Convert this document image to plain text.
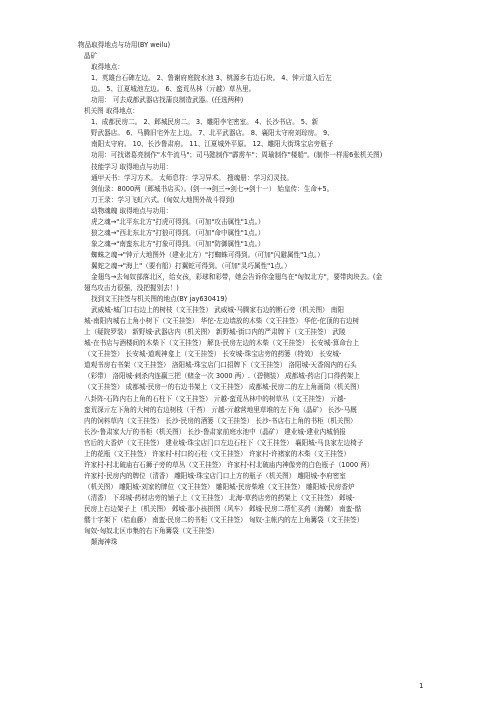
物品取得地点与功用(BY weilu)
晶矿
取得地点：
1、英雄台石碑左边。 2、鲁谢府庭院水池 3、桃源乡右边石块。 4、钟亓道入后左
边。 5、江夏城池左边。 6、蛮荒丛林（亓越）草丛里。
功用： 可去成都武器店找蒲良制造武器。(任选两种)
机关图 取得地点：
1、成都民房二。 2、邺城民房二。 3、雕阳李宅密室。 4、长沙书店。 5、新
野武器店。 6、马腾旧宅外左上边。 7、北平武器店。 8、襄阳太守府刘琮房。 9、
南阳太守府。 10、长沙鲁肃府。 11、江夏城外平原。 12、雕阳大街珠宝店旁瓶子
功用：可找诸葛亮制作"木牛流马"；司马懿制作"霹雳车"；周瑜制作"楼船"。(制作一样需6张机关图)
技能学习 取得地点与功用：
通甲天书：学习方术。 太师息符：学习异术。 搜魂册：学习幻灵技。
剑仙录：8000两（邺城书店买）。(剑一→剑三→剑七→剑十一） 始皇传：生命+5。
刀王录：学习飞虹六式。(匈奴大地图外战斗得到)
动物魂魄 取得地点与功用：
虎之魂→"北平东北方"打虎可得到。（可加"攻击属性"1点。）
狼之魂→"西北东北方"打狼可得到。（可加"命中属性"1点。）
象之魂→"南蛮东北方"打象可得到。（可加"防御属性"1点。）
蜘蛛之魂→"钟亓大地图外（建业北方）"打蜘蛛可得到。（可加"闪避属性"1点。）
翼蛇之魂→"海上"（要有船）打翼蛇可得到。（可加"灵巧属性"1点。）
金翅鸟→去匈奴部落北区，给女孩，彩球和彩带，她会告诉你金翅鸟在"匈奴北方"，要带肉块去。(金
翅鸟攻击力很强，没把握别去！)
找到文王挂签与机关图的地点(BY jay630419)
武威城-城门口右边上的树枝（文王挂签） 武威城-马腾家右边的断石旁（机关图） 南阳
城-南阳内城右上角小树下（文王挂签） 华佗-左边墙放的木柴（文王挂签） 华佗-佗顶的右边树
上（疑院罗装） 新野城-武器店内（机关图） 新野城-街口内的严肃牌下（文王挂签） 武陵
城-在书店与酒楼间的木柴下（文王挂签） 解良-民房左边的木柴（文王挂签） 长安城-算命台上
（文王挂签） 长安城-道观神龛上（文王挂签） 长安城-珠宝店旁的药篓（特效） 长安城-
道观书房右书架（文王挂签） 洛阳城-珠宝店门口招牌下（文王挂签） 洛阳城-天香阁内的石头
（彩带） 洛阳城-刺杀内连赢三把（赌金一次 3000 两）.（碧侧装） 成都城-药店门口得药架上
（文王挂签） 成都城-民房一的右边书架上（文王挂签） 成都城-民房二的左上角画筒（机关图）
八卦阵-石阵内右上角的石柱下（文王挂签） 亓越-蛮荒丛林中的树草丛（文王挂签） 亓越-
蛮荒深亓左下角的大树的右边树枝（干苔） 亓越-亓越营地里草堆的左下角（晶矿） 长沙-马厩
内的饲料草内（文王挂签） 长沙-民房的酒篓（文王挂签） 长沙-书店右上角的书柜（机关图）
长沙-鲁肃家大厅的书柜（机关图） 长沙-鲁肃家前庭水池中（晶矿） 建业城-建业内城悄报
官后的大香炉（文王挂签） 建业城-珠宝店门口左边石柱下（文王挂签） 襄阳城-马良家左边椅子
上的花瓶（文王挂签） 许家村-村口的石柱（文王挂签） 许家村-许褚家的木柴（文王挂签）
许家村-村北破庙右石狮子旁的草丛（文王挂签） 许家村-村北破庙内神像旁的白色瓶子（1000 两）
许家村-民房内的牌位（清香） 雕阳城-珠宝店门口上方的瓶子（机关图） 雕阳城-李府密室
（机关图） 雕阳城-刘家的牌位（文王挂签） 雕阳城-民房柴堆（文王挂签） 雕阳城-民房香炉
（清香） 下邳城-药材店旁的铺子上（文王挂签） 北海-草药店旁的药架上（文王挂签） 邺城-
民房上右边架子上（机关图） 邺城-那小孩拼图（风车） 邺城-民房二帮忙买药（海螺） 南蛮-骷
髅十字架下（桔血藤） 南蛮-民房二的书柜（文王挂签） 匈奴-主帐内的左上角篝袋（文王挂签）
匈奴-匈奴北区市集的右下角篝袋（文王挂签）
颠海神珠
1
